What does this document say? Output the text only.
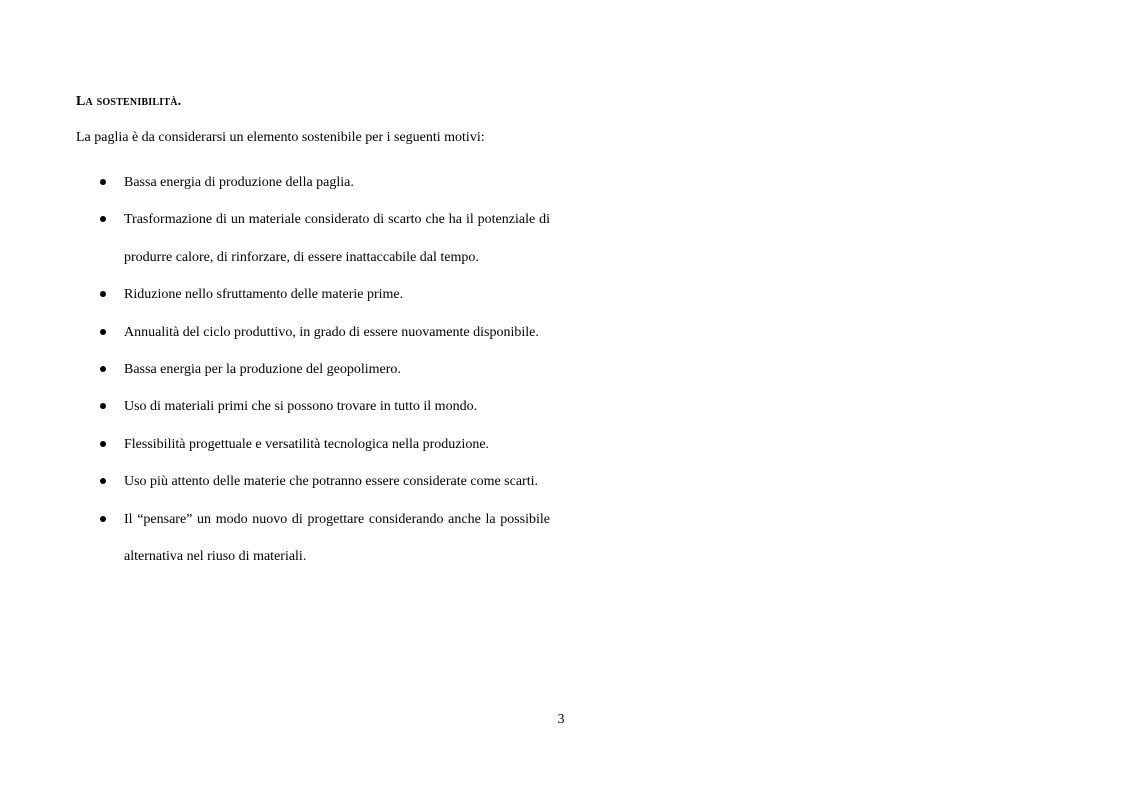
La sostenibilità.
La paglia è da considerarsi un elemento sostenibile per i seguenti motivi:
Bassa energia di produzione della paglia.
Trasformazione di un materiale considerato di scarto che ha il potenziale di produrre calore, di rinforzare, di essere inattaccabile dal tempo.
Riduzione nello sfruttamento delle materie prime.
Annualità del ciclo produttivo, in grado di essere nuovamente disponibile.
Bassa energia per la produzione del geopolimero.
Uso di materiali primi che si possono trovare in tutto il mondo.
Flessibilità progettuale e versatilità tecnologica nella produzione.
Uso più attento delle materie che potranno essere considerate come scarti.
Il “pensare” un modo nuovo di progettare considerando anche la possibile alternativa nel riuso di materiali.
3
